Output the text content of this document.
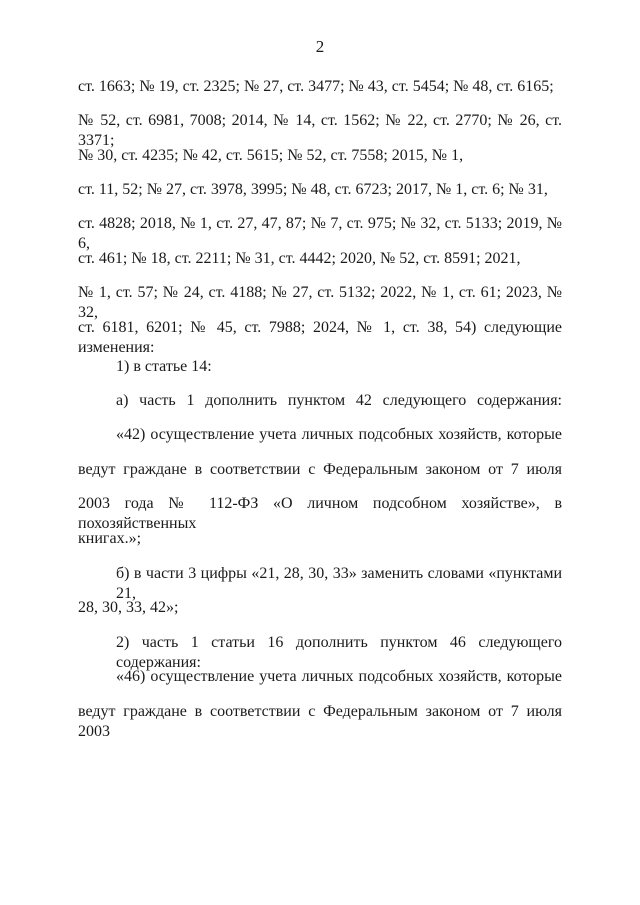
2
ст. 1663; № 19, ст. 2325; № 27, ст. 3477; № 43, ст. 5454; № 48, ст. 6165;
№ 52, ст. 6981, 7008; 2014, № 14, ст. 1562; № 22, ст. 2770; № 26, ст. 3371;
№ 30, ст. 4235; № 42, ст. 5615; № 52, ст. 7558; 2015, № 1,
ст. 11, 52; № 27, ст. 3978, 3995; № 48, ст. 6723; 2017, № 1, ст. 6; № 31,
ст. 4828; 2018, № 1, ст. 27, 47, 87; № 7, ст. 975; № 32, ст. 5133; 2019, № 6,
ст. 461; № 18, ст. 2211; № 31, ст. 4442; 2020, № 52, ст. 8591; 2021,
№ 1, ст. 57; № 24, ст. 4188; № 27, ст. 5132; 2022, № 1, ст. 61; 2023, № 32,
ст. 6181, 6201; № 45, ст. 7988; 2024, № 1, ст. 38, 54) следующие изменения:
1) в статье 14:
а) часть 1 дополнить пунктом 42 следующего содержания:
«42) осуществление учета личных подсобных хозяйств, которые
ведут граждане в соответствии с Федеральным законом от 7 июля
2003 года № 112-ФЗ «О личном подсобном хозяйстве», в похозяйственных
книгах.»;
б) в части 3 цифры «21, 28, 30, 33» заменить словами «пунктами 21,
28, 30, 33, 42»;
2) часть 1 статьи 16 дополнить пунктом 46 следующего содержания:
«46) осуществление учета личных подсобных хозяйств, которые
ведут граждане в соответствии с Федеральным законом от 7 июля 2003
